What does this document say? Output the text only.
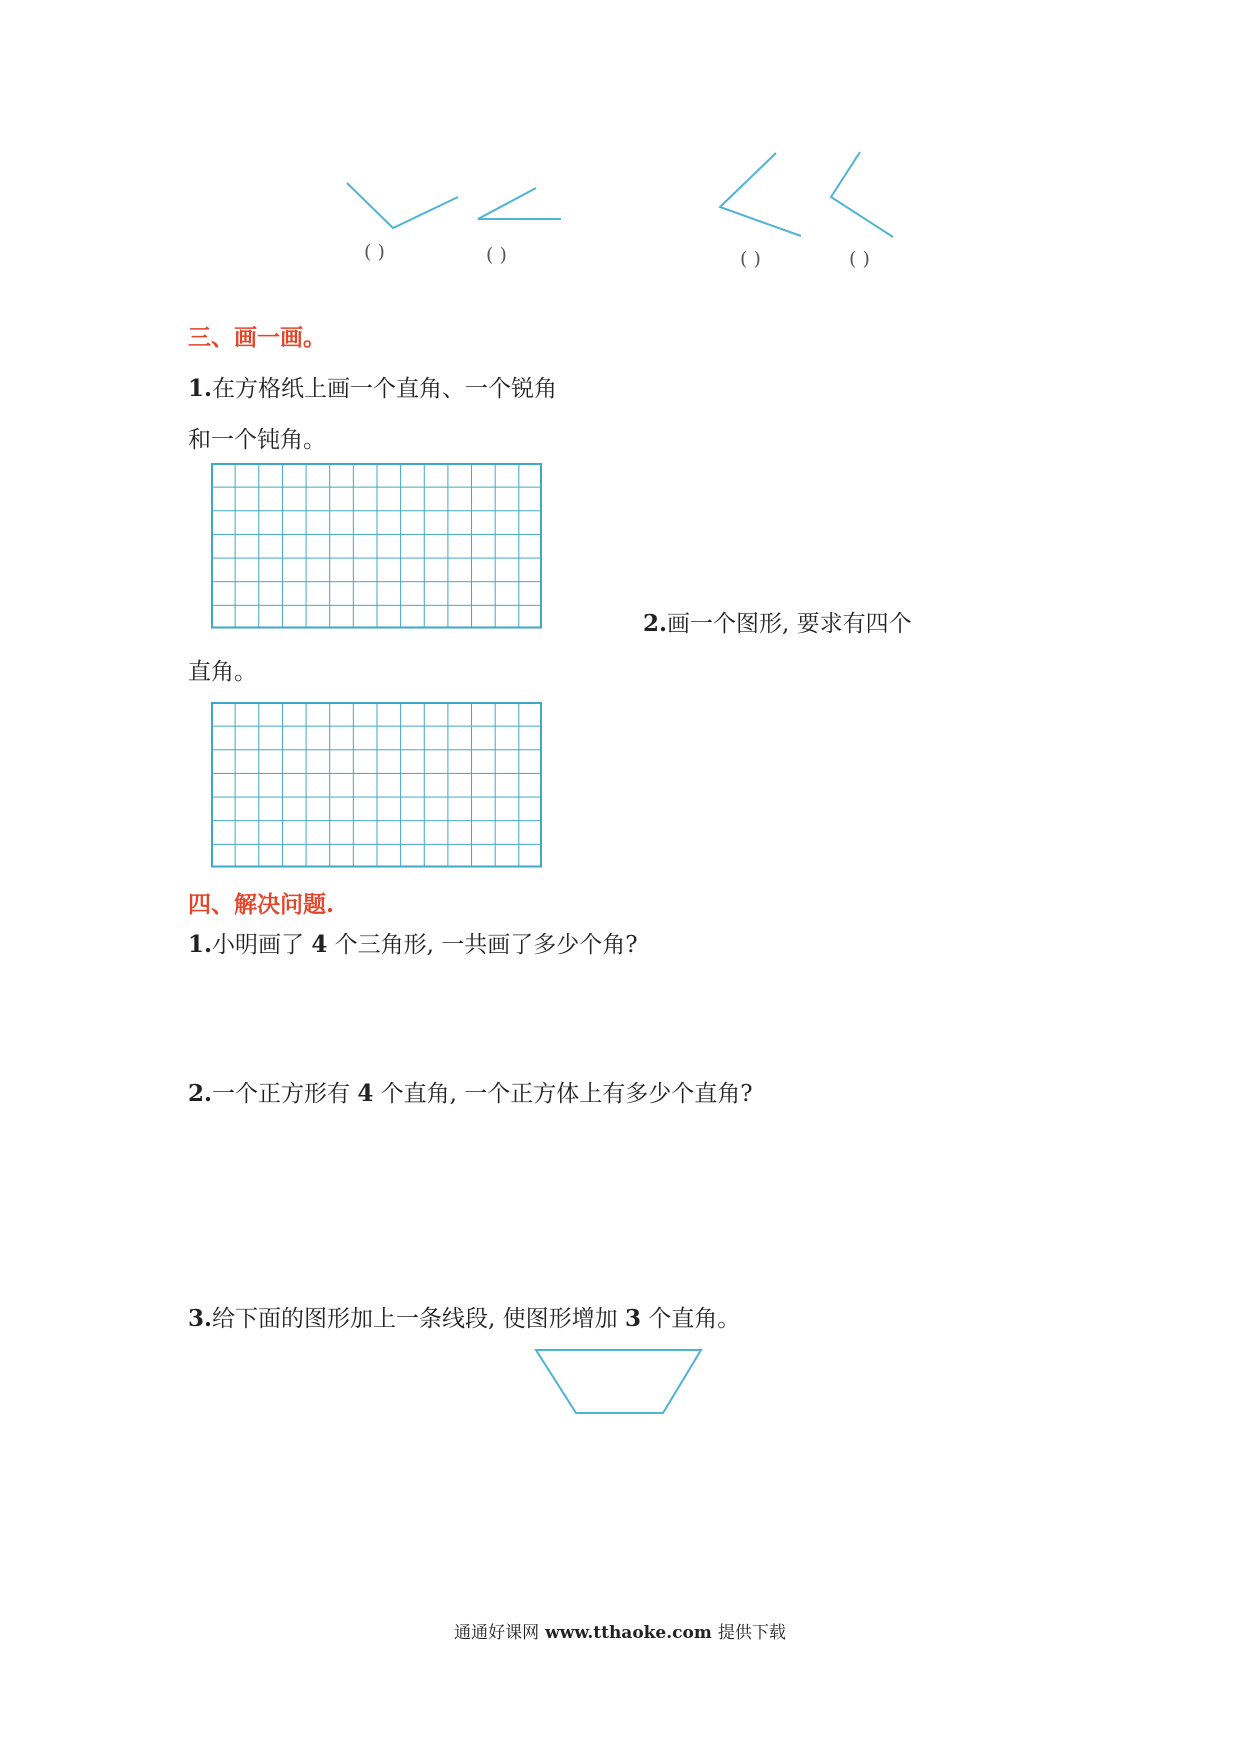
( )	( )	( )	( )
三、画一画。
1.在方格纸上画一个直角、一个锐角
和一个钝角。
2.画一个图形, 要求有四个
直角。
四、解决问题.
1.小明画了 4 个三角形, 一共画了多少个角?
2.一个正方形有 4 个直角, 一个正方体上有多少个直角?
3.给下面的图形加上一条线段, 使图形增加 3 个直角。
通通好课网 www.tthaoke.com 提供下载
